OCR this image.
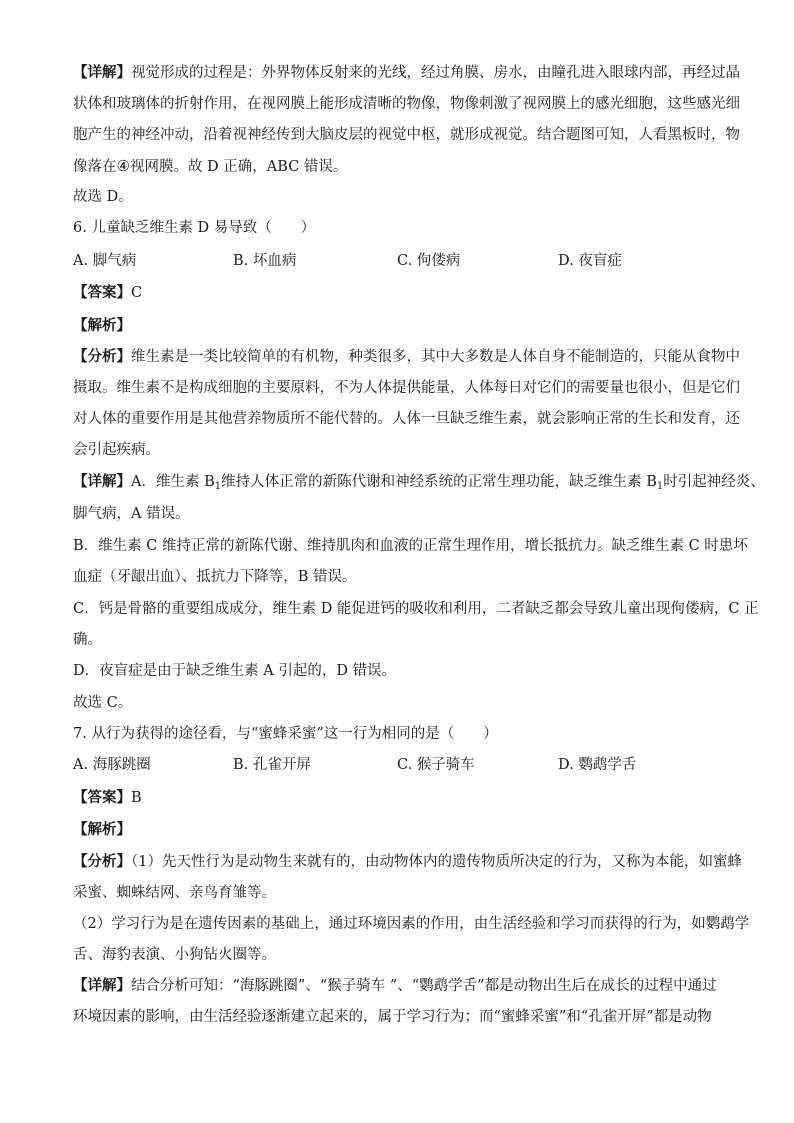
【详解】视觉形成的过程是：外界物体反射来的光线，经过角膜、房水，由瞳孔进入眼球内部，再经过晶
状体和玻璃体的折射作用，在视网膜上能形成清晰的物像，物像刺激了视网膜上的感光细胞，这些感光细
胞产生的神经冲动，沿着视神经传到大脑皮层的视觉中枢，就形成视觉。结合题图可知，人看黑板时，物
像落在④视网膜。故 D 正确，ABC 错误。
故选 D。
6. 儿童缺乏维生素 D 易导致（　　）
A. 脚气病	B. 坏血病	C. 佝偻病	D. 夜盲症
【答案】C
【解析】
【分析】维生素是一类比较简单的有机物，种类很多，其中大多数是人体自身不能制造的，只能从食物中
摄取。维生素不是构成细胞的主要原料，不为人体提供能量，人体每日对它们的需要量也很小，但是它们
对人体的重要作用是其他营养物质所不能代替的。人体一旦缺乏维生素，就会影响正常的生长和发育，还
会引起疾病。
【详解】A．维生素 $B_1$维持人体正常的新陈代谢和神经系统的正常生理功能，缺乏维生素 $B_1$时引起神经炎、
脚气病，A 错误。
B．维生素 C 维持正常的新陈代谢、维持肌肉和血液的正常生理作用，增长抵抗力。缺乏维生素 C 时患坏
血症（牙龈出血）、抵抗力下降等，B 错误。
C．钙是骨骼的重要组成成分，维生素 D 能促进钙的吸收和利用，二者缺乏都会导致儿童出现佝偻病，C 正
确。
D．夜盲症是由于缺乏维生素 A 引起的，D 错误。
故选 C。
7. 从行为获得的途径看，与“蜜蜂采蜜”这一行为相同的是（　　）
A. 海豚跳圈	B. 孔雀开屏	C. 猴子骑车	D. 鹦鹉学舌
【答案】B
【解析】
【分析】（1）先天性行为是动物生来就有的，由动物体内的遗传物质所决定的行为，又称为本能，如蜜蜂
采蜜、蜘蛛结网、亲鸟育雏等。
（2）学习行为是在遗传因素的基础上，通过环境因素的作用，由生活经验和学习而获得的行为，如鹦鹉学
舌、海豹表演、小狗钻火圈等。
【详解】结合分析可知：“海豚跳圈”、“猴子骑车 ”、“鹦鹉学舌”都是动物出生后在成长的过程中通过
环境因素的影响，由生活经验逐渐建立起来的，属于学习行为；而“蜜蜂采蜜”和“孔雀开屏”都是动物
